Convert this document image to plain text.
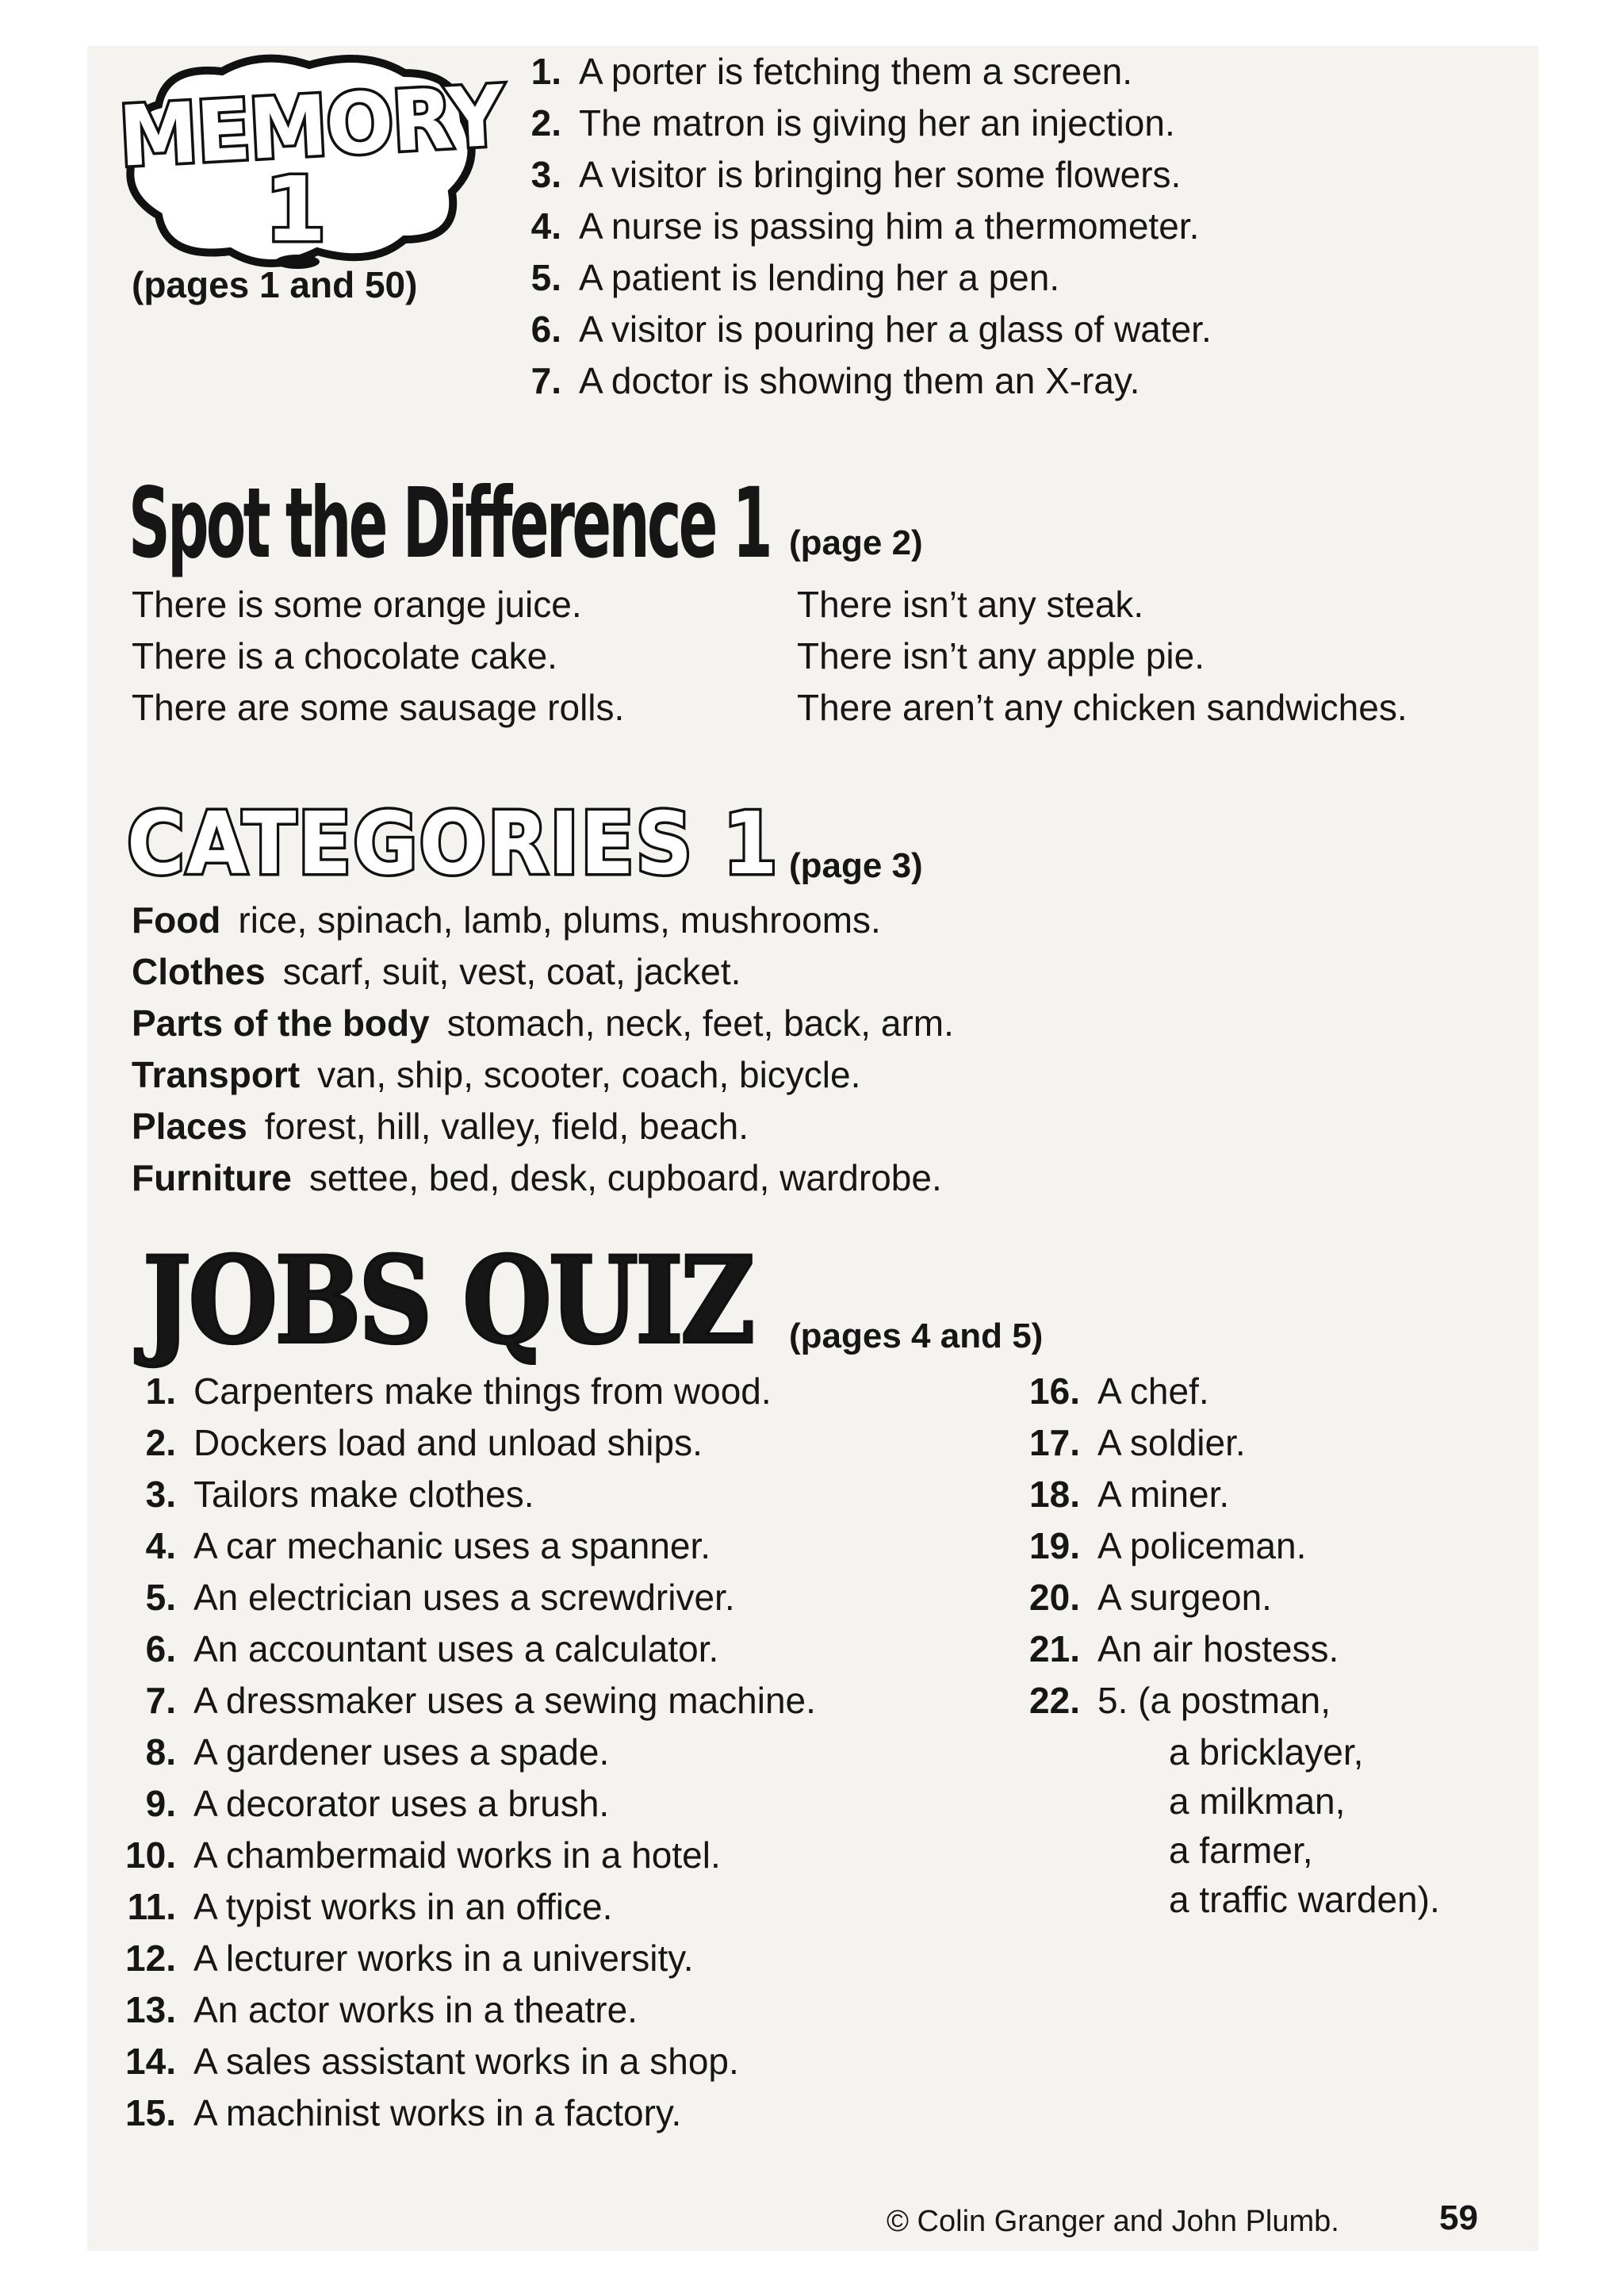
MEMORY
1
(pages 1 and 50)
1. A porter is fetching them a screen.
2. The matron is giving her an injection.
3. A visitor is bringing her some flowers.
4. A nurse is passing him a thermometer.
5. A patient is lending her a pen.
6. A visitor is pouring her a glass of water.
7. A doctor is showing them an X-ray.
Spot the Difference 1 (page 2)
There is some orange juice.
There is a chocolate cake.
There are some sausage rolls.
There isn’t any steak.
There isn’t any apple pie.
There aren’t any chicken sandwiches.
CATEGORIES 1 (page 3)
Food rice, spinach, lamb, plums, mushrooms.
Clothes scarf, suit, vest, coat, jacket.
Parts of the body stomach, neck, feet, back, arm.
Transport van, ship, scooter, coach, bicycle.
Places forest, hill, valley, field, beach.
Furniture settee, bed, desk, cupboard, wardrobe.
JOBS QUIZ (pages 4 and 5)
1. Carpenters make things from wood.
2. Dockers load and unload ships.
3. Tailors make clothes.
4. A car mechanic uses a spanner.
5. An electrician uses a screwdriver.
6. An accountant uses a calculator.
7. A dressmaker uses a sewing machine.
8. A gardener uses a spade.
9. A decorator uses a brush.
10. A chambermaid works in a hotel.
11. A typist works in an office.
12. A lecturer works in a university.
13. An actor works in a theatre.
14. A sales assistant works in a shop.
15. A machinist works in a factory.
16. A chef.
17. A soldier.
18. A miner.
19. A policeman.
20. A surgeon.
21. An air hostess.
22. 5. (a postman,
a bricklayer,
a milkman,
a farmer,
a traffic warden).
© Colin Granger and John Plumb.	59
